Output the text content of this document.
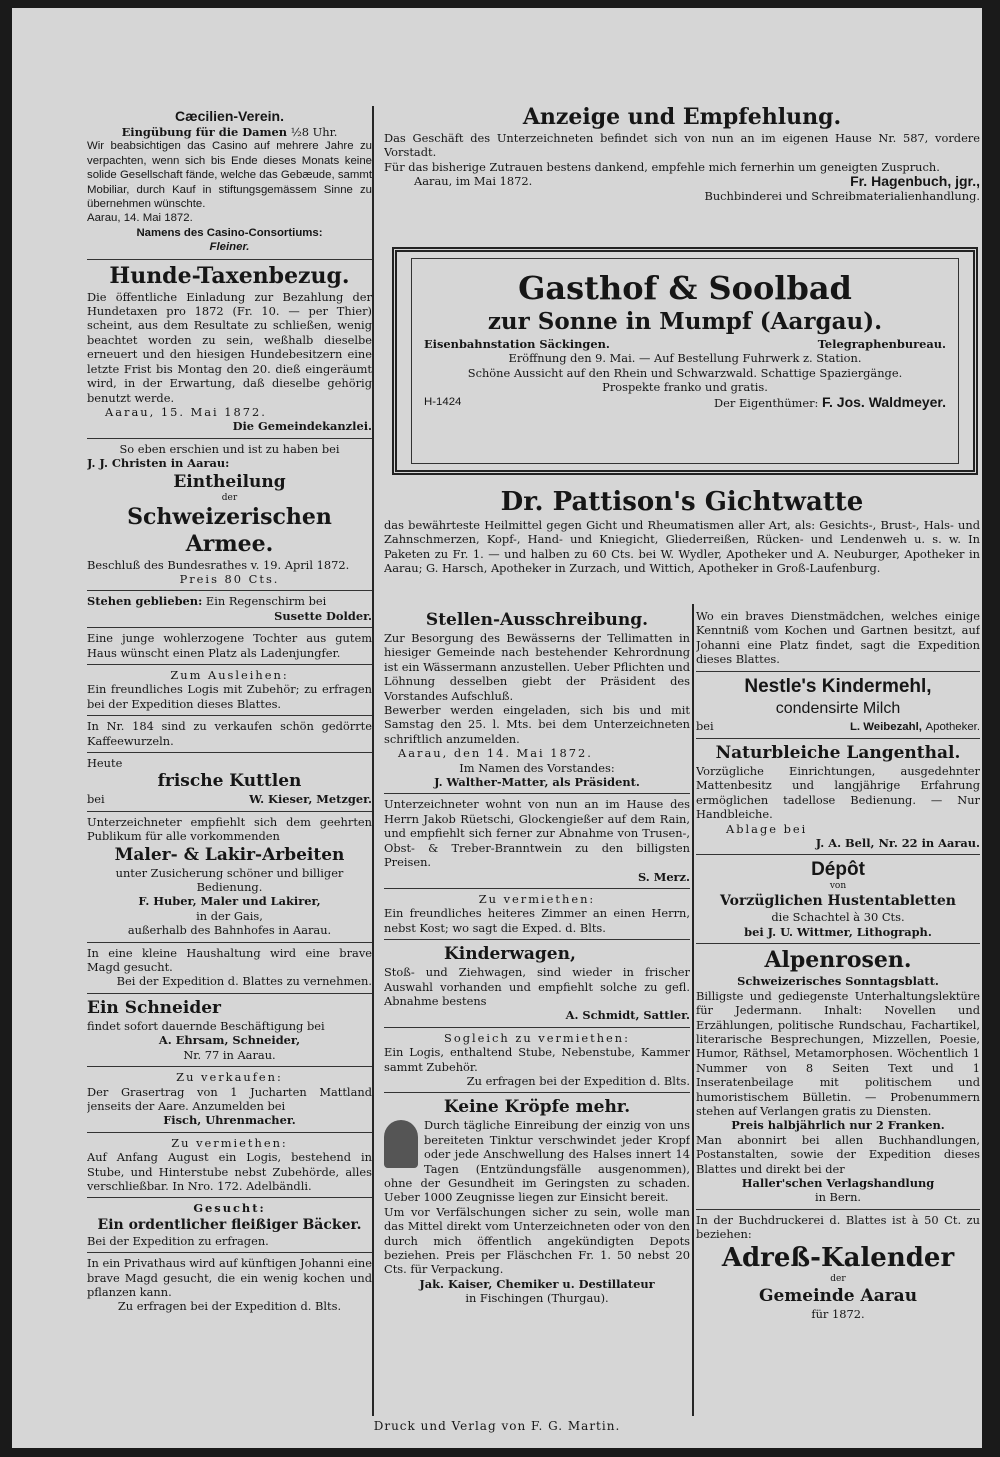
Cæcilien-Verein.

Eingübung für die Damen ½8 Uhr.

Wir beabsichtigen das Casino auf mehrere Jahre zu verpachten, wenn sich bis Ende dieses Monats keine solide Gesellschaft fände, welche das Gebæude, sammt Mobiliar, durch Kauf in stiftungsgemässem Sinne zu übernehmen wünschte.

Aarau, 14. Mai 1872.

Namens des Casino-Consortiums:

Fleiner.

Hunde-Taxenbezug.

Die öffentliche Einladung zur Bezahlung der Hundetaxen pro 1872 (Fr. 10. — per Thier) scheint, aus dem Resultate zu schließen, wenig beachtet worden zu sein, weßhalb dieselbe erneuert und den hiesigen Hundebesitzern eine letzte Frist bis Montag den 20. dieß eingeräumt wird, in der Erwartung, daß dieselbe gehörig benutzt werde.

Aarau, 15. Mai 1872.

Die Gemeindekanzlei.

So eben erschien und ist zu haben bei

J. J. Christen in Aarau:

Eintheilung

der

Schweizerischen Armee.

Beschluß des Bundesrathes v. 19. April 1872.

Preis 80 Cts.

Stehen geblieben: Ein Regenschirm bei

Susette Dolder.

Eine junge wohlerzogene Tochter aus gutem Haus wünscht einen Platz als Ladenjungfer.

Zum Ausleihen:

Ein freundliches Logis mit Zubehör; zu erfragen bei der Expedition dieses Blattes.

In Nr. 184 sind zu verkaufen schön gedörrte Kaffeewurzeln.

Heute

frische Kuttlen

bei	W. Kieser, Metzger.

Unterzeichneter empfiehlt sich dem geehrten Publikum für alle vorkommenden

Maler- & Lakir-Arbeiten

unter Zusicherung schöner und billiger Bedienung.

F. Huber, Maler und Lakirer,

in der Gais,

außerhalb des Bahnhofes in Aarau.

In eine kleine Haushaltung wird eine brave Magd gesucht.

Bei der Expedition d. Blattes zu vernehmen.

Ein Schneider

findet sofort dauernde Beschäftigung bei

A. Ehrsam, Schneider,

Nr. 77 in Aarau.

Zu verkaufen:

Der Grasertrag von 1 Jucharten Mattland jenseits der Aare. Anzumelden bei

Fisch, Uhrenmacher.

Zu vermiethen:

Auf Anfang August ein Logis, bestehend in Stube, und Hinterstube nebst Zubehörde, alles verschließbar. In Nro. 172. Adelbändli.

Gesucht:

Ein ordentlicher fleißiger Bäcker.

Bei der Expedition zu erfragen.

In ein Privathaus wird auf künftigen Johanni eine brave Magd gesucht, die ein wenig kochen und pflanzen kann.

Zu erfragen bei der Expedition d. Blts.

Anzeige und Empfehlung.

Das Geschäft des Unterzeichneten befindet sich von nun an im eigenen Hause Nr. 587, vordere Vorstadt.

Für das bisherige Zutrauen bestens dankend, empfehle mich fernerhin um geneigten Zuspruch.

Aarau, im Mai 1872.	Fr. Hagenbuch, jgr.,

Buchbinderei und Schreibmaterialienhandlung.

Gasthof & Soolbad

zur Sonne in Mumpf (Aargau).

Eisenbahnstation Säckingen.	Telegraphenbureau.

Eröffnung den 9. Mai. — Auf Bestellung Fuhrwerk z. Station.

Schöne Aussicht auf den Rhein und Schwarzwald. Schattige Spaziergänge.

Prospekte franko und gratis.

H-1424	Der Eigenthümer: F. Jos. Waldmeyer.

Dr. Pattison's Gichtwatte

das bewährteste Heilmittel gegen Gicht und Rheumatismen aller Art, als: Gesichts-, Brust-, Hals- und Zahnschmerzen, Kopf-, Hand- und Kniegicht, Gliederreißen, Rücken- und Lendenweh u. s. w. In Paketen zu Fr. 1. — und halben zu 60 Cts. bei W. Wydler, Apotheker und A. Neuburger, Apotheker in Aarau; G. Harsch, Apotheker in Zurzach, und Wittich, Apotheker in Groß-Laufenburg.

Stellen-Ausschreibung.

Zur Besorgung des Bewässerns der Tellimatten in hiesiger Gemeinde nach bestehender Kehrordnung ist ein Wässermann anzustellen. Ueber Pflichten und Löhnung desselben giebt der Präsident des Vorstandes Aufschluß.

Bewerber werden eingeladen, sich bis und mit Samstag den 25. l. Mts. bei dem Unterzeichneten schriftlich anzumelden.

Aarau, den 14. Mai 1872.

Im Namen des Vorstandes:

J. Walther-Matter, als Präsident.

Unterzeichneter wohnt von nun an im Hause des Herrn Jakob Rüetschi, Glockengießer auf dem Rain, und empfiehlt sich ferner zur Abnahme von Trusen-, Obst- & Treber-Branntwein zu den billigsten Preisen.

S. Merz.

Zu vermiethen:

Ein freundliches heiteres Zimmer an einen Herrn, nebst Kost; wo sagt die Exped. d. Blts.

Kinderwagen,

Stoß- und Ziehwagen, sind wieder in frischer Auswahl vorhanden und empfiehlt solche zu gefl. Abnahme bestens

A. Schmidt, Sattler.

Sogleich zu vermiethen:

Ein Logis, enthaltend Stube, Nebenstube, Kammer sammt Zubehör.

Zu erfragen bei der Expedition d. Blts.

Keine Kröpfe mehr.

Durch tägliche Einreibung der einzig von uns bereiteten Tinktur verschwindet jeder Kropf oder jede Anschwellung des Halses innert 14 Tagen (Entzündungsfälle ausgenommen), ohne der Gesundheit im Geringsten zu schaden. Ueber 1000 Zeugnisse liegen zur Einsicht bereit.

Um vor Verfälschungen sicher zu sein, wolle man das Mittel direkt vom Unterzeichneten oder von den durch mich öffentlich angekündigten Depots beziehen. Preis per Fläschchen Fr. 1. 50 nebst 20 Cts. für Verpackung.

Jak. Kaiser, Chemiker u. Destillateur

in Fischingen (Thurgau).

Wo ein braves Dienstmädchen, welches einige Kenntniß vom Kochen und Gartnen besitzt, auf Johanni eine Platz findet, sagt die Expedition dieses Blattes.

Nestle's Kindermehl,

condensirte Milch

bei	L. Weibezahl, Apotheker.

Naturbleiche Langenthal.

Vorzügliche Einrichtungen, ausgedehnter Mattenbesitz und langjährige Erfahrung ermöglichen tadellose Bedienung. — Nur Handbleiche.

Ablage bei

J. A. Bell, Nr. 22 in Aarau.

Dépôt

von

Vorzüglichen Hustentabletten

die Schachtel à 30 Cts.

bei J. U. Wittmer, Lithograph.

Alpenrosen.

Schweizerisches Sonntagsblatt.

Billigste und gediegenste Unterhaltungslektüre für Jedermann. Inhalt: Novellen und Erzählungen, politische Rundschau, Fachartikel, literarische Besprechungen, Mizzellen, Poesie, Humor, Räthsel, Metamorphosen. Wöchentlich 1 Nummer von 8 Seiten Text und 1 Inseratenbeilage mit politischem und humoristischem Bülletin. — Probenummern stehen auf Verlangen gratis zu Diensten.

Preis halbjährlich nur 2 Franken.

Man abonnirt bei allen Buchhandlungen, Postanstalten, sowie der Expedition dieses Blattes und direkt bei der

Haller'schen Verlagshandlung

in Bern.

In der Buchdruckerei d. Blattes ist à 50 Ct. zu beziehen:

Adreß-Kalender

der

Gemeinde Aarau

für 1872.

Druck und Verlag von F. G. Martin.
